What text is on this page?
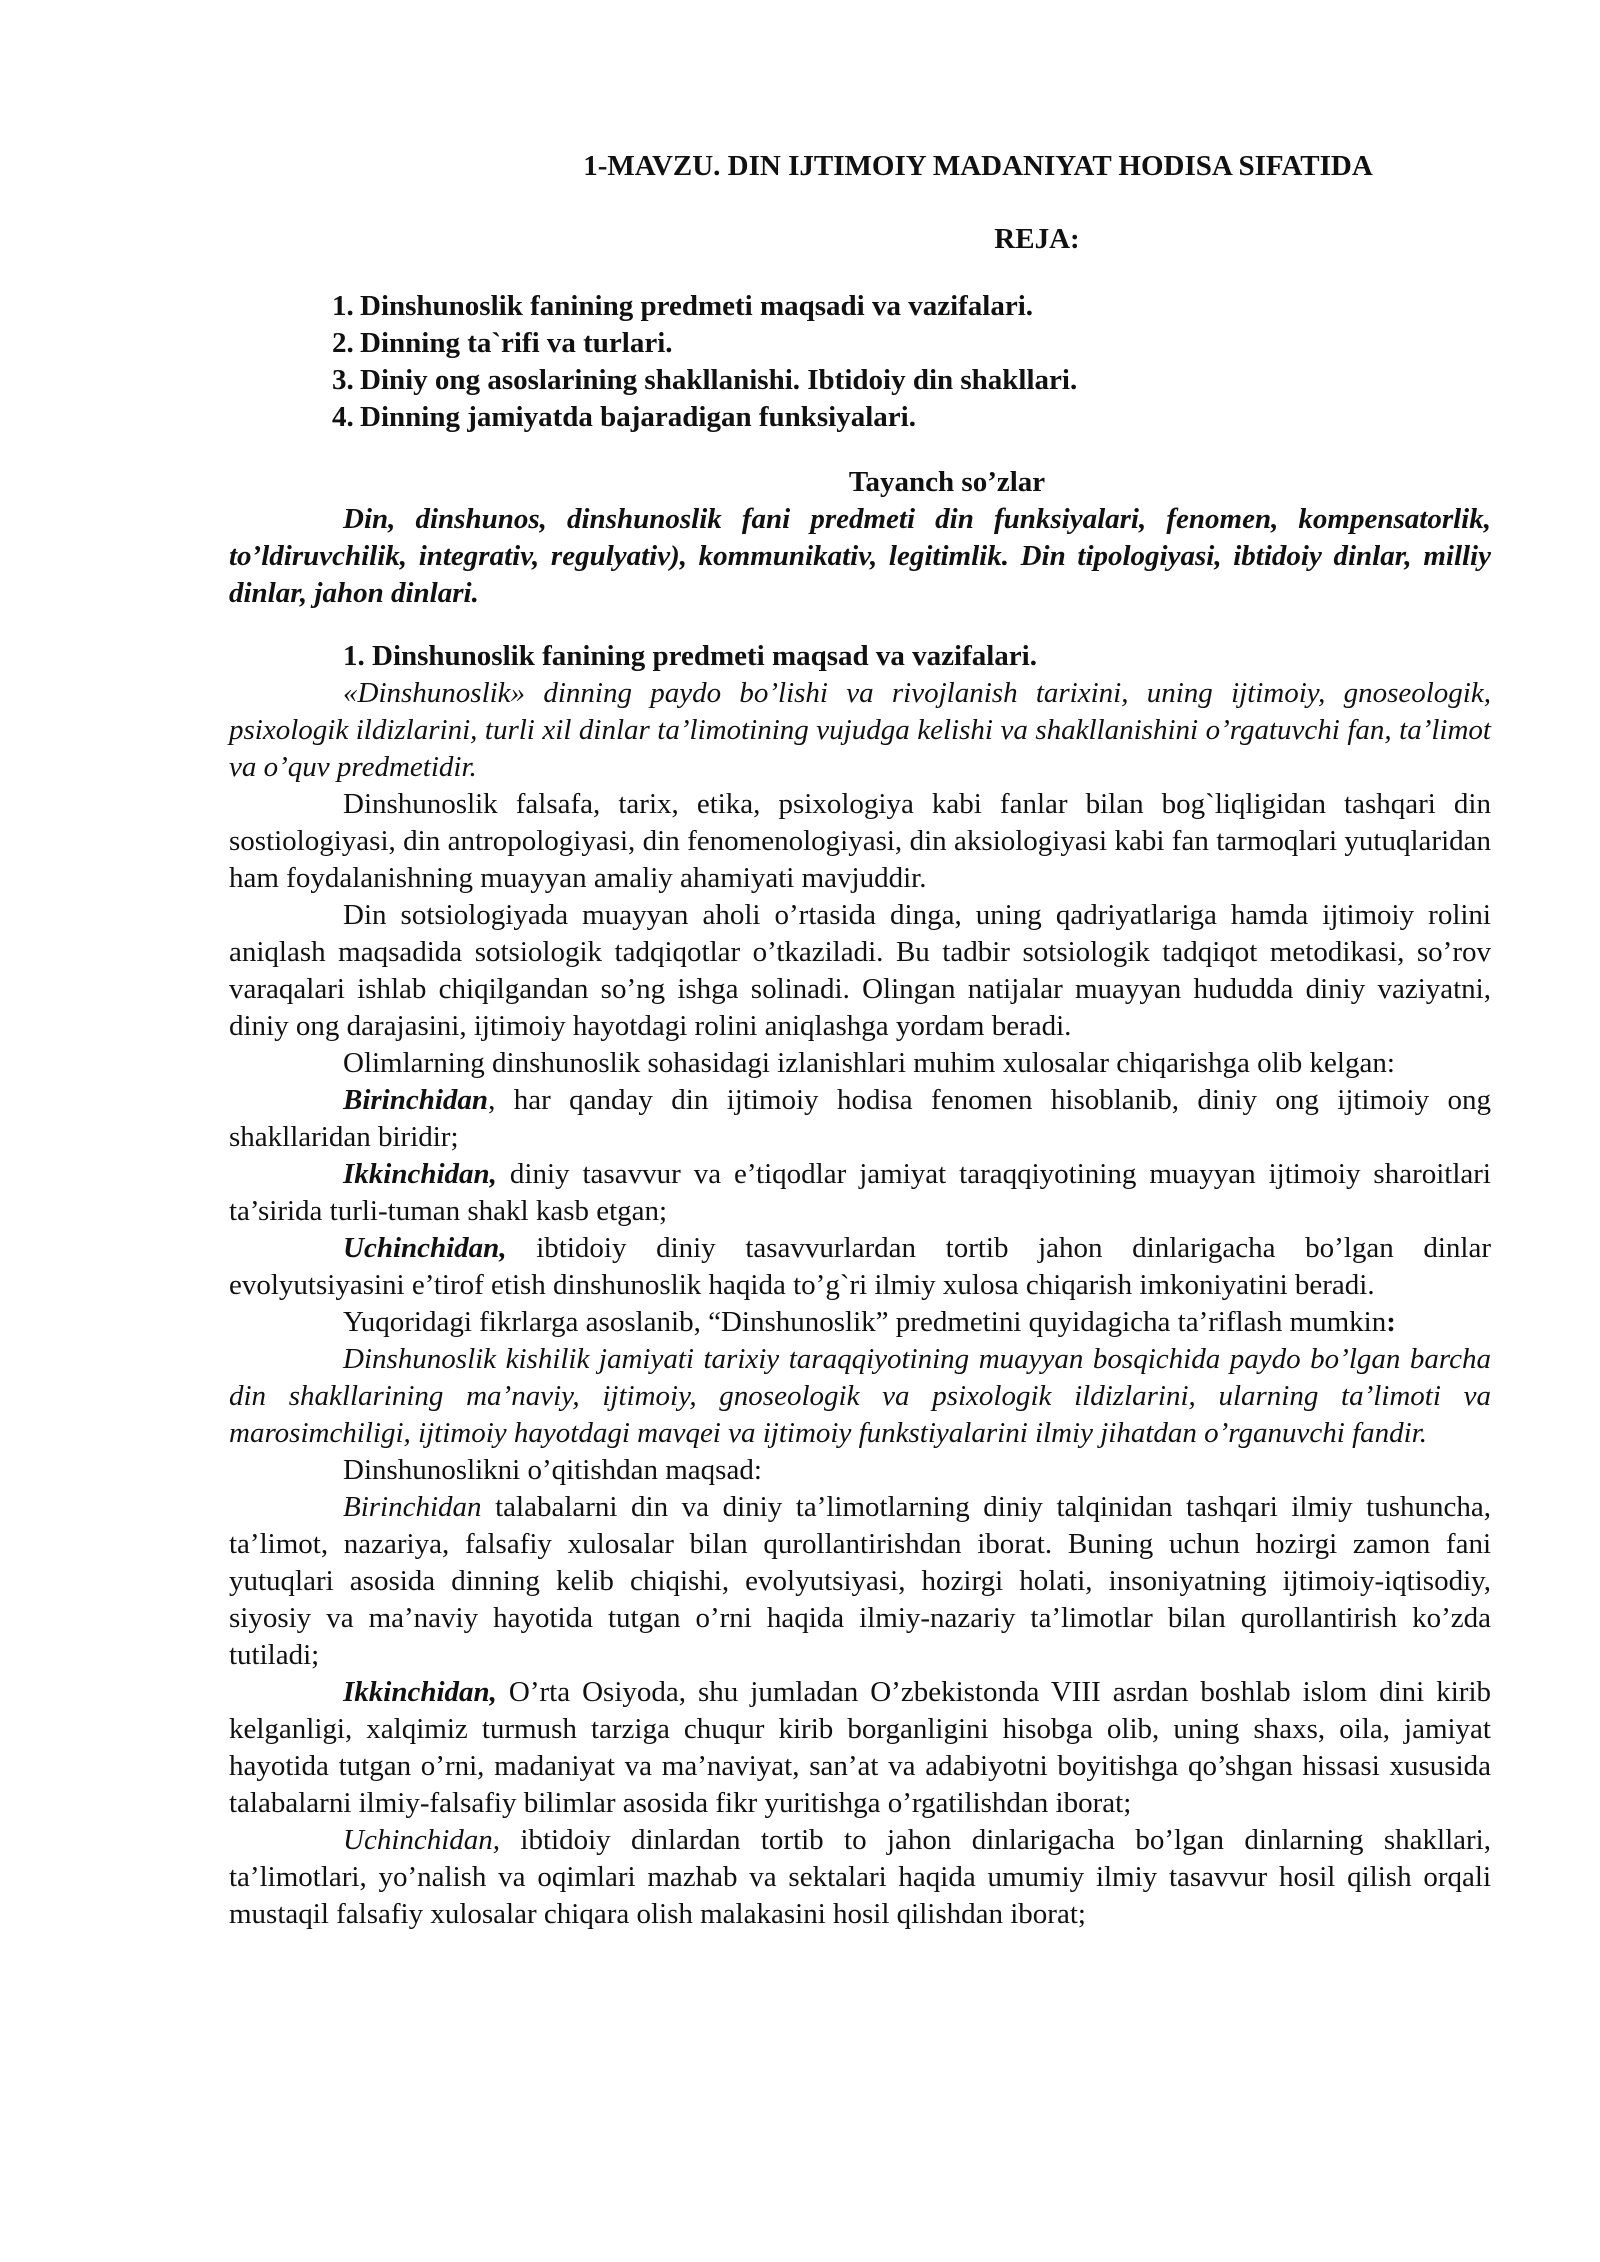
1-MAVZU. DIN IJTIMOIY MADANIYAT HODISA SIFATIDA
REJA:
1. Dinshunoslik fanining predmeti maqsadi va vazifalari.
2. Dinning ta`rifi va turlari.
3. Diniy ong asoslarining shakllanishi. Ibtidoiy din shakllari.
4. Dinning jamiyatda bajaradigan funksiyalari.
Tayanch so’zlar

Din, dinshunos, dinshunoslik fani predmeti din funksiyalari, fenomen, kompensatorlik, to’ldiruvchilik, integrativ, regulyativ), kommunikativ, legitimlik. Din tipologiyasi, ibtidoiy dinlar, milliy dinlar, jahon dinlari.

1. Dinshunoslik fanining predmeti maqsad va vazifalari.

«Dinshunoslik» dinning paydo bo’lishi va rivojlanish tarixini, uning ijtimoiy, gnoseologik, psixologik ildizlarini, turli xil dinlar ta’limotining vujudga kelishi va shakllanishini o’rgatuvchi fan, ta’limot va o’quv predmetidir.

Dinshunoslik falsafa, tarix, etika, psixologiya kabi fanlar bilan bog`liqligidan tashqari din sostiologiyasi, din antropologiyasi, din fenomenologiyasi, din aksiologiyasi kabi fan tarmoqlari yutuqlaridan ham foydalanishning muayyan amaliy ahamiyati mavjuddir.

Din sotsiologiyada muayyan aholi o’rtasida dinga, uning qadriyatlariga hamda ijtimoiy rolini aniqlash maqsadida sotsiologik tadqiqotlar o’tkaziladi. Bu tadbir sotsiologik tadqiqot metodikasi, so’rov varaqalari ishlab chiqilgandan so’ng ishga solinadi. Olingan natijalar muayyan hududda diniy vaziyatni, diniy ong darajasini, ijtimoiy hayotdagi rolini aniqlashga yordam beradi.

Olimlarning dinshunoslik sohasidagi izlanishlari muhim xulosalar chiqarishga olib kelgan:

Birinchidan, har qanday din ijtimoiy hodisa fenomen hisoblanib, diniy ong ijtimoiy ong shakllaridan biridir;

Ikkinchidan, diniy tasavvur va e’tiqodlar jamiyat taraqqiyotining muayyan ijtimoiy sharoitlari ta’sirida turli-tuman shakl kasb etgan;

Uchinchidan, ibtidoiy diniy tasavvurlardan tortib jahon dinlarigacha bo’lgan dinlar evolyutsiyasini e’tirof etish dinshunoslik haqida to’g`ri ilmiy xulosa chiqarish imkoniyatini beradi.

Yuqoridagi fikrlarga asoslanib, “Dinshunoslik” predmetini quyidagicha ta’riflash mumkin:

Dinshunoslik kishilik jamiyati tarixiy taraqqiyotining muayyan bosqichida paydo bo’lgan barcha din shakllarining ma’naviy, ijtimoiy, gnoseologik va psixologik ildizlarini, ularning ta’limoti va marosimchiligi, ijtimoiy hayotdagi mavqei va ijtimoiy funkstiyalarini ilmiy jihatdan o’rganuvchi fandir.

Dinshunoslikni o’qitishdan maqsad:

Birinchidan talabalarni din va diniy ta’limotlarning diniy talqinidan tashqari ilmiy tushuncha, ta’limot, nazariya, falsafiy xulosalar bilan qurollantirishdan iborat. Buning uchun hozirgi zamon fani yutuqlari asosida dinning kelib chiqishi, evolyutsiyasi, hozirgi holati, insoniyatning ijtimoiy-iqtisodiy, siyosiy va ma’naviy hayotida tutgan o’rni haqida ilmiy-nazariy ta’limotlar bilan qurollantirish ko’zda tutiladi;

Ikkinchidan, O’rta Osiyoda, shu jumladan O’zbekistonda VIII asrdan boshlab islom dini kirib kelganligi, xalqimiz turmush tarziga chuqur kirib borganligini hisobga olib, uning shaxs, oila, jamiyat hayotida tutgan o’rni, madaniyat va ma’naviyat, san’at va adabiyotni boyitishga qo’shgan hissasi xususida talabalarni ilmiy-falsafiy bilimlar asosida fikr yuritishga o’rgatilishdan iborat;

Uchinchidan, ibtidoiy dinlardan tortib to jahon dinlarigacha bo’lgan dinlarning shakllari, ta’limotlari, yo’nalish va oqimlari mazhab va sektalari haqida umumiy ilmiy tasavvur hosil qilish orqali mustaqil falsafiy xulosalar chiqara olish malakasini hosil qilishdan iborat;
